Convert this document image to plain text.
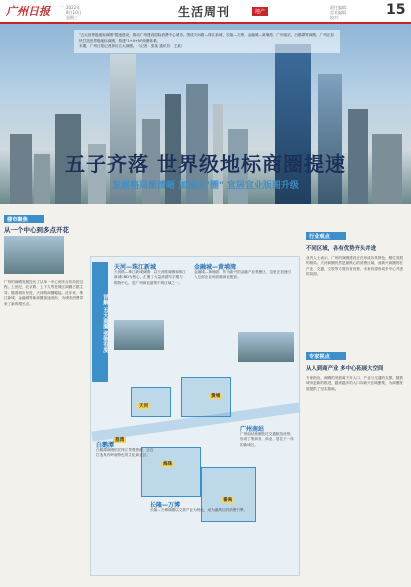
广州日报	2022年
8月10日
星期三	生活周刊	地产
责任编辑：
美术编辑：
校对：	15
"五大世界级地标商圈"提速建设，推动广州建设国际消费中心城市。围绕天河路—珠江新城、长隆—万博、金融城—黄埔湾、广州南站、白鹅潭等商圈，广州正加快打造世界级地标商圈，构建"1+4+N"商圈体系。
本期，广州日报记者探访五大商圈。（记者：张某 通讯员：王某）
五子齐落 世界级地标商圈提速
发展格局渐清晰 加速出"圈" 宜居宜业版图升级
楼市聚焦
从一个中心到多点开花
广州的商圈发展经历了从单一中心到多点布局的过程。上世纪，北京路、上下九等老城区商圈占据主导；随着城市东进，天河路商圈崛起。近年来，珠江新城、金融城等新商圈加速成形，为城市消费带来了新的增长点。
天河
海珠
番禺
荔湾
黄埔
详解 五大商圈 张弛有度
天河—珠江新城
天河路—珠江新城商圈：以天河路商圈和珠江新城CBD为核心，汇聚了大量高端写字楼与购物中心，是广州商业最集中的区域之一。
金融城—黄埔湾
金融城—黄埔湾：作为新兴的金融产业集聚区，这里正加速引入总部企业和高端商业配套。
广州南站
广州南站商圈依托交通枢纽优势，形成了集商务、商业、居住于一体的新城区。
白鹅潭
白鹅潭商圈依托珠江景观资源，正在打造具有岭南特色的文化商业区。
长隆—万博
长隆—万博商圈以文旅产业为特色，成为番禺区的消费引擎。
行业观点
不同区域，各有优势齐头并进
业内人士表示，广州的商圈建设正在形成各具特色、错位发展的格局。天河商圈仍然是最核心的消费区域，而新兴商圈则在产业、交通、文旅等方面各有优势，未来有望形成多中心并进的局面。
专家视点
从人到商产业 多中心拓展大空间
专家指出，商圈的发展离不开人口、产业与交通的支撑。随着城市更新的推进，越来越多的人口向新兴区域聚集，为商圈发展提供了坚实基础。
